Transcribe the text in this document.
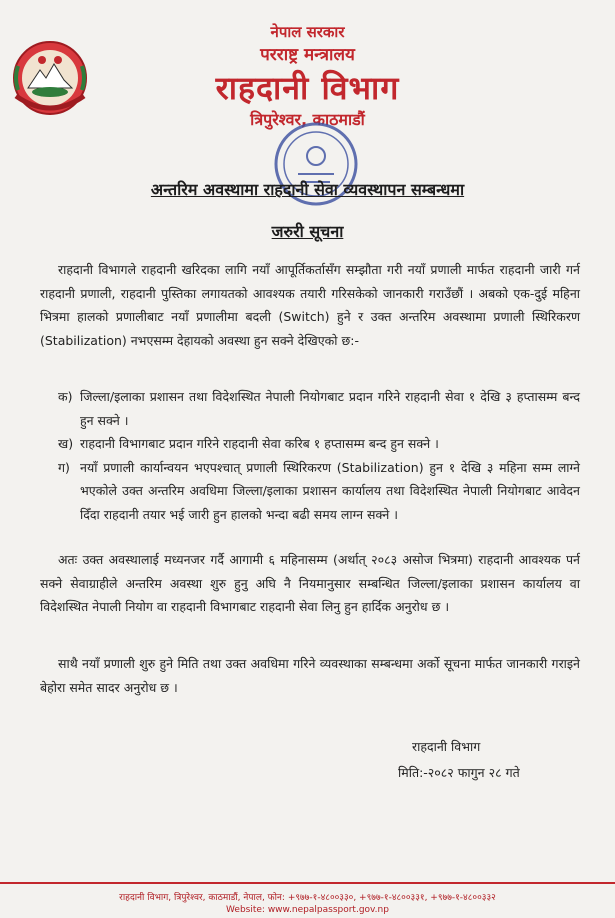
नेपाल सरकार
परराष्ट्र मन्त्रालय
राहदानी विभाग
त्रिपुरेश्वर, काठमाडौं
अन्तरिम अवस्थामा राहदानी सेवा व्यवस्थापन सम्बन्धमा
जरुरी सूचना
राहदानी विभागले राहदानी खरिदका लागि नयाँ आपूर्तिकर्तासँग सम्झौता गरी नयाँ प्रणाली मार्फत राहदानी जारी गर्न राहदानी प्रणाली, राहदानी पुस्तिका लगायतको आवश्यक तयारी गरिसकेको जानकारी गराउँछौं । अबको एक-दुई महिना भित्रमा हालको प्रणालीबाट नयाँ प्रणालीमा बदली (Switch) हुने र उक्त अन्तरिम अवस्थामा प्रणाली स्थिरिकरण (Stabilization) नभएसम्म देहायको अवस्था हुन सक्ने देखिएको छ:-
क) जिल्ला/इलाका प्रशासन तथा विदेशस्थित नेपाली नियोगबाट प्रदान गरिने राहदानी सेवा १ देखि ३ हप्तासम्म बन्द हुन सक्ने ।
ख) राहदानी विभागबाट प्रदान गरिने राहदानी सेवा करिब १ हप्तासम्म बन्द हुन सक्ने ।
ग) नयाँ प्रणाली कार्यान्वयन भएपश्चात् प्रणाली स्थिरिकरण (Stabilization) हुन १ देखि ३ महिना सम्म लाग्ने भएकोले उक्त अन्तरिम अवधिमा जिल्ला/इलाका प्रशासन कार्यालय तथा विदेशस्थित नेपाली नियोगबाट आवेदन दिँदा राहदानी तयार भई जारी हुन हालको भन्दा बढी समय लाग्न सक्ने ।
अतः उक्त अवस्थालाई मध्यनजर गर्दै आगामी ६ महिनासम्म (अर्थात् २०८३ असोज भित्रमा) राहदानी आवश्यक पर्न सक्ने सेवाग्राहीले अन्तरिम अवस्था शुरु हुनु अघि नै नियमानुसार सम्बन्धित जिल्ला/इलाका प्रशासन कार्यालय वा विदेशस्थित नेपाली नियोग वा राहदानी विभागबाट राहदानी सेवा लिनु हुन हार्दिक अनुरोध छ ।
साथै नयाँ प्रणाली शुरु हुने मिति तथा उक्त अवधिमा गरिने व्यवस्थाका सम्बन्धमा अर्को सूचना मार्फत जानकारी गराइने बेहोरा समेत सादर अनुरोध छ ।
राहदानी विभाग
मिति:-२०८२ फागुन २८ गते
राहदानी विभाग, त्रिपुरेश्वर, काठमाडौं, नेपाल, फोन: +९७७-१-४८००३३०, +९७७-१-४८००३३१, +९७७-१-४८००३३२
Website: www.nepalpassport.gov.np
